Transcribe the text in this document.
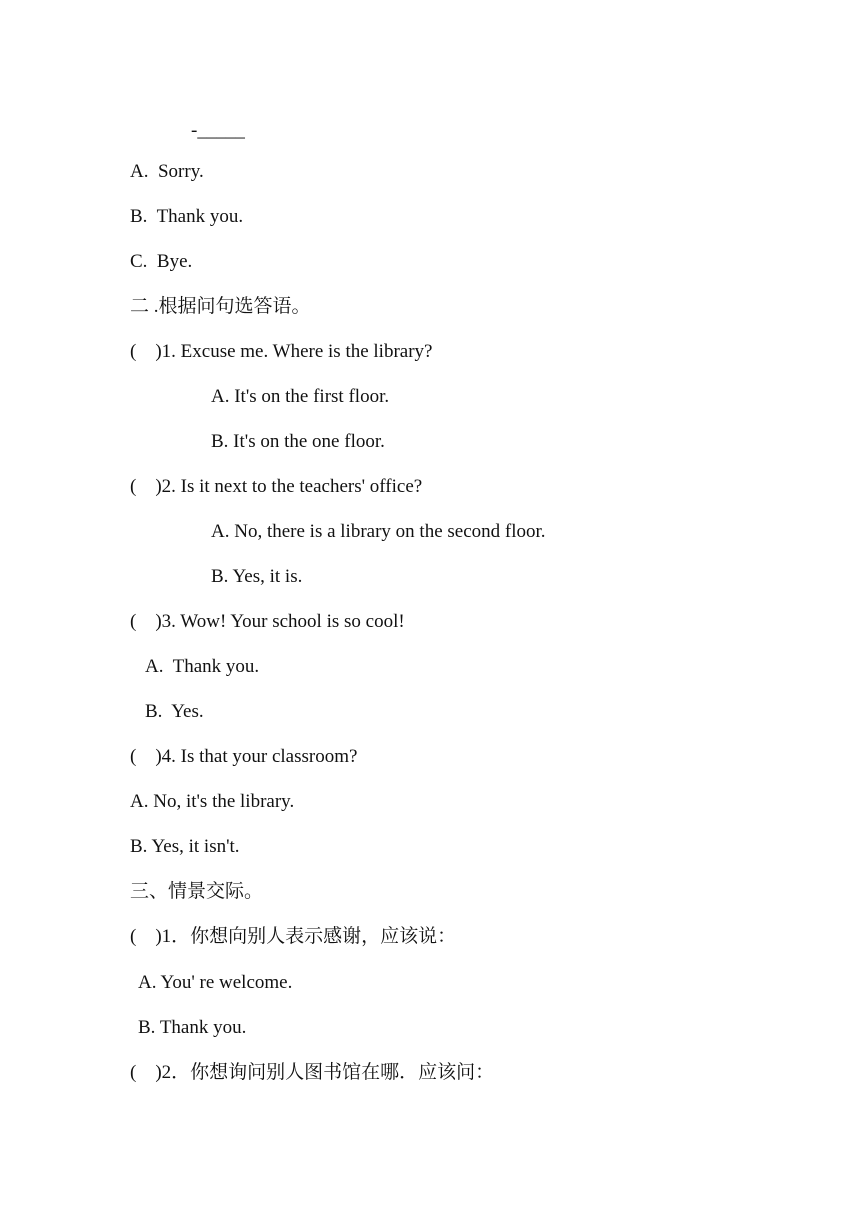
-_____
A.  Sorry.
B.  Thank you.
C.  Bye.
二 .根据问句选答语。
(    )1. Excuse me. Where is the library?
A. It's on the first floor.
B. It's on the one floor.
(    )2. Is it next to the teachers' office?
A. No, there is a library on the second floor.
B. Yes, it is.
(    )3. Wow! Your school is so cool!
A.  Thank you.
B.  Yes.
(    )4. Is that your classroom?
A. No, it's the library.
B. Yes, it isn't.
三、情景交际。
(    )1．你想向别人表示感谢，应该说：
A. You' re welcome.
B. Thank you.
(    )2．你想询问别人图书馆在哪．应该问：
